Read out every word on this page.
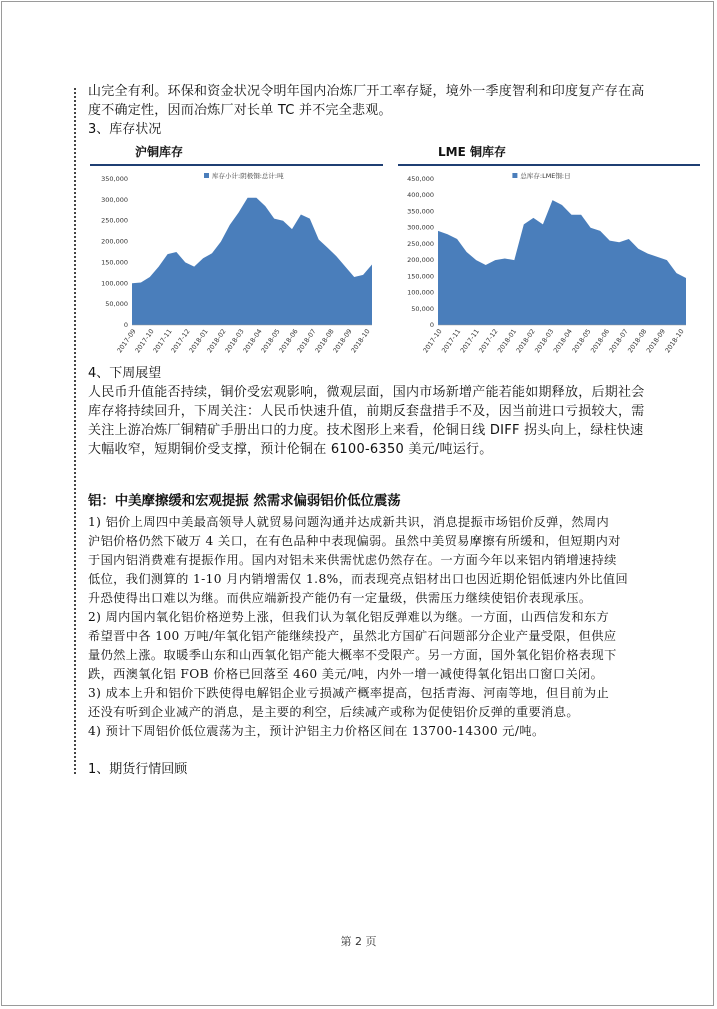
山完全有利。环保和资金状况令明年国内冶炼厂开工率存疑，境外一季度智利和印度复产存在高

度不确定性，因而冶炼厂对长单 TC 并不完全悲观。

3、库存状况
沪铜库存
库存小计:阴极铜:总计:吨
0
50,000
100,000
150,000
200,000
250,000
300,000
350,000
2017-09
2017-10
2017-11
2017-12
2018-01
2018-02
2018-03
2018-04
2018-05
2018-06
2018-07
2018-08
2018-09
2018-10
LME 铜库存
总库存:LME铜:日
0
50,000
100,000
150,000
200,000
250,000
300,000
350,000
400,000
450,000
2017-10
2017-11
2017-11
2017-12
2018-01
2018-02
2018-03
2018-04
2018-05
2018-06
2018-07
2018-08
2018-09
2018-10
4、下周展望

人民币升值能否持续，铜价受宏观影响，微观层面，国内市场新增产能若能如期释放，后期社会

库存将持续回升，下周关注：人民币快速升值，前期反套盘措手不及，因当前进口亏损较大，需

关注上游冶炼厂铜精矿手册出口的力度。技术图形上来看，伦铜日线 DIFF 拐头向上，绿柱快速

大幅收窄，短期铜价受支撑，预计伦铜在 6100-6350 美元/吨运行。

铝：中美摩擦缓和宏观提振 然需求偏弱铝价低位震荡

1) 铝价上周四中美最高领导人就贸易问题沟通并达成新共识，消息提振市场铝价反弹，然周内

沪铝价格仍然下破万 4 关口，在有色品种中表现偏弱。虽然中美贸易摩擦有所缓和，但短期内对

于国内铝消费难有提振作用。国内对铝未来供需忧虑仍然存在。一方面今年以来铝内销增速持续

低位，我们测算的 1-10 月内销增需仅 1.8%，而表现亮点铝材出口也因近期伦铝低速内外比值回

升恐使得出口难以为继。而供应端新投产能仍有一定量级，供需压力继续使铝价表现承压。

2) 周内国内氧化铝价格逆势上涨，但我们认为氧化铝反弹难以为继。一方面，山西信发和东方

希望晋中各 100 万吨/年氧化铝产能继续投产，虽然北方国矿石问题部分企业产量受限，但供应

量仍然上涨。取暖季山东和山西氧化铝产能大概率不受限产。另一方面，国外氧化铝价格表现下

跌，西澳氧化铝 FOB 价格已回落至 460 美元/吨，内外一增一减使得氧化铝出口窗口关闭。

3) 成本上升和铝价下跌使得电解铝企业亏损减产概率提高，包括青海、河南等地，但目前为止

还没有听到企业减产的消息，是主要的利空，后续减产或称为促使铝价反弹的重要消息。

4) 预计下周铝价低位震荡为主，预计沪铝主力价格区间在 13700-14300 元/吨。

1、期货行情回顾
第 2 页
